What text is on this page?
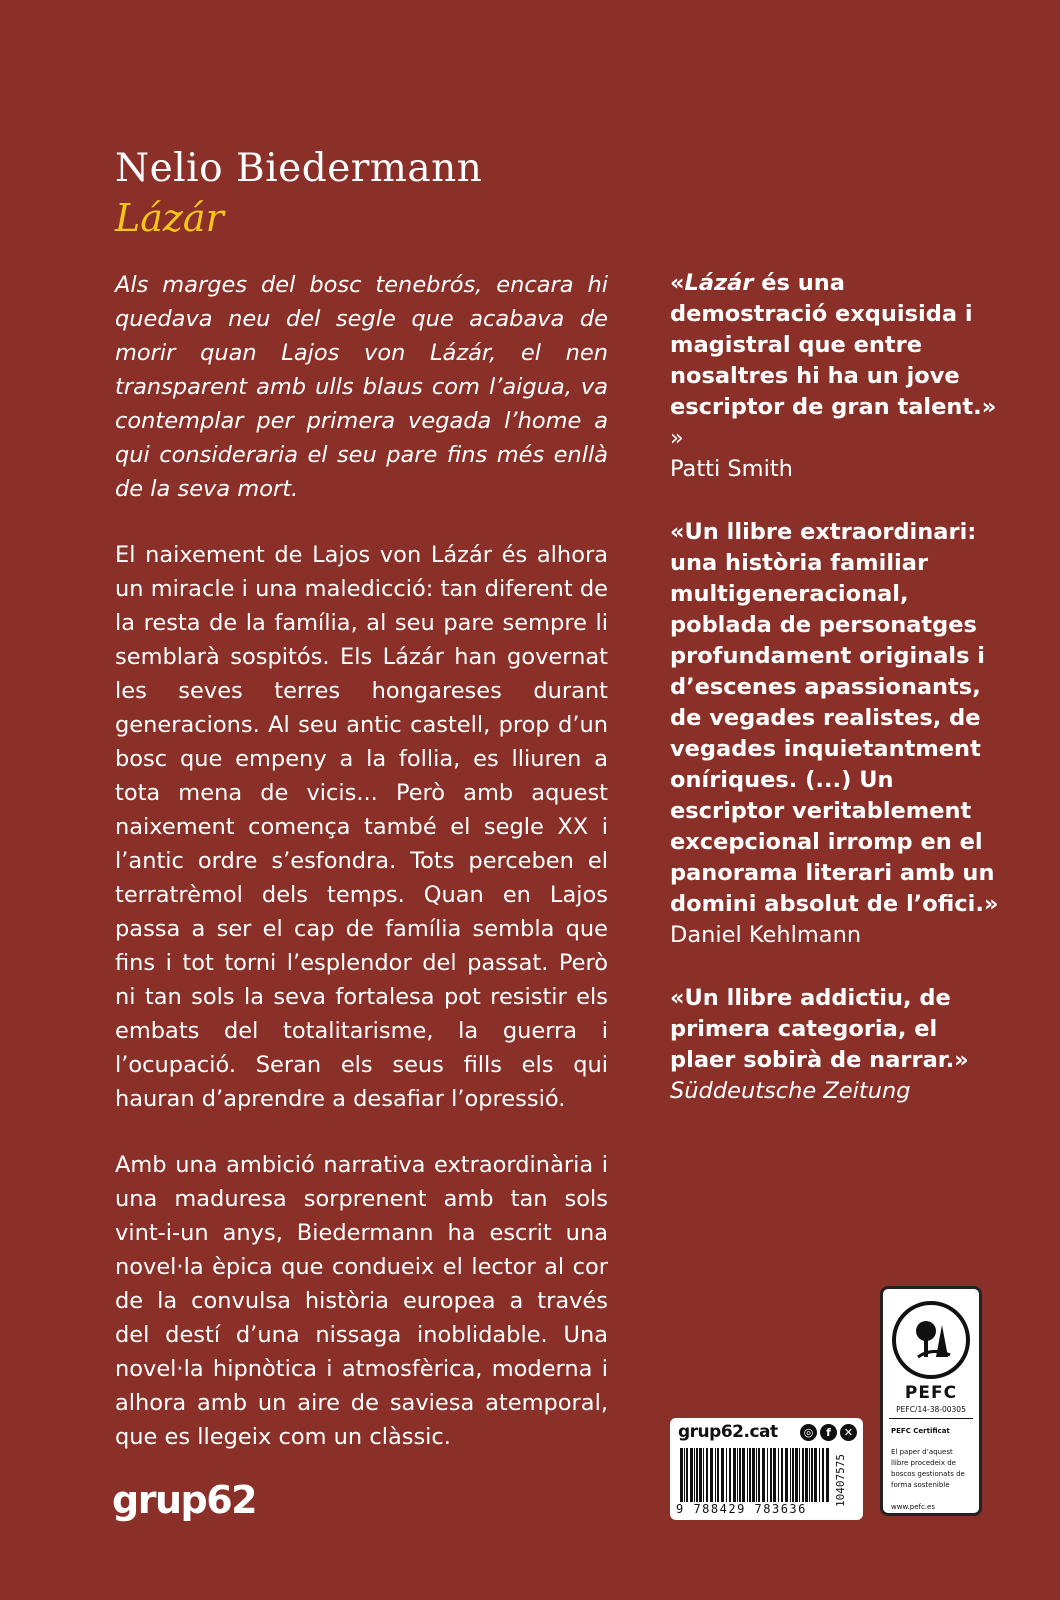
Nelio Biedermann
Lázár

Als marges del bosc tenebrós, encara hi quedava neu del segle que acabava de morir quan Lajos von Lázár, el nen transparent amb ulls blaus com l’aigua, va contemplar per primera vegada l’home a qui consideraria el seu pare fins més enllà de la seva mort.

El naixement de Lajos von Lázár és alhora un miracle i una maledicció: tan diferent de la resta de la família, al seu pare sempre li semblarà sospitós. Els Lázár han governat les seves terres hongareses durant generacions. Al seu antic castell, prop d’un bosc que empeny a la follia, es lliuren a tota mena de vicis... Però amb aquest naixement comença també el segle XX i l’antic ordre s’esfondra. Tots perceben el terratrèmol dels temps. Quan en Lajos passa a ser el cap de família sembla que fins i tot torni l’esplendor del passat. Però ni tan sols la seva fortalesa pot resistir els embats del totalitarisme, la guerra i l’ocupació. Seran els seus fills els qui hauran d’aprendre a desafiar l’opressió.

Amb una ambició narrativa extraordinària i una maduresa sorprenent amb tan sols vint-i-un anys, Biedermann ha escrit una novel·la èpica que condueix el lector al cor de la convulsa història europea a través del destí d’una nissaga inoblidable. Una novel·la hipnòtica i atmosfèrica, moderna i alhora amb un aire de saviesa atemporal, que es llegeix com un clàssic.

«Lázár és una demostració exquisida i magistral que entre nosaltres hi ha un jove escriptor de gran talent.» »
Patti Smith
«Un llibre extraordinari: una història familiar multigeneracional, poblada de personatges profundament originals i d’escenes apassionants, de vegades realistes, de vegades inquietantment oníriques. (...) Un escriptor veritablement excepcional irromp en el panorama literari amb un domini absolut de l’ofici.» Daniel Kehlmann
«Un llibre addictiu, de primera categoria, el plaer sobirà de narrar.»
Süddeutsche Zeitung
grup62
PEFC
PEFC/14-38-00305
PEFC Certificat
El paper d’aquest llibre procedeix de boscos gestionats de forma sostenible
www.pefc.es
grup62.cat	◎	f	✕
9 788429 783636
10407575
